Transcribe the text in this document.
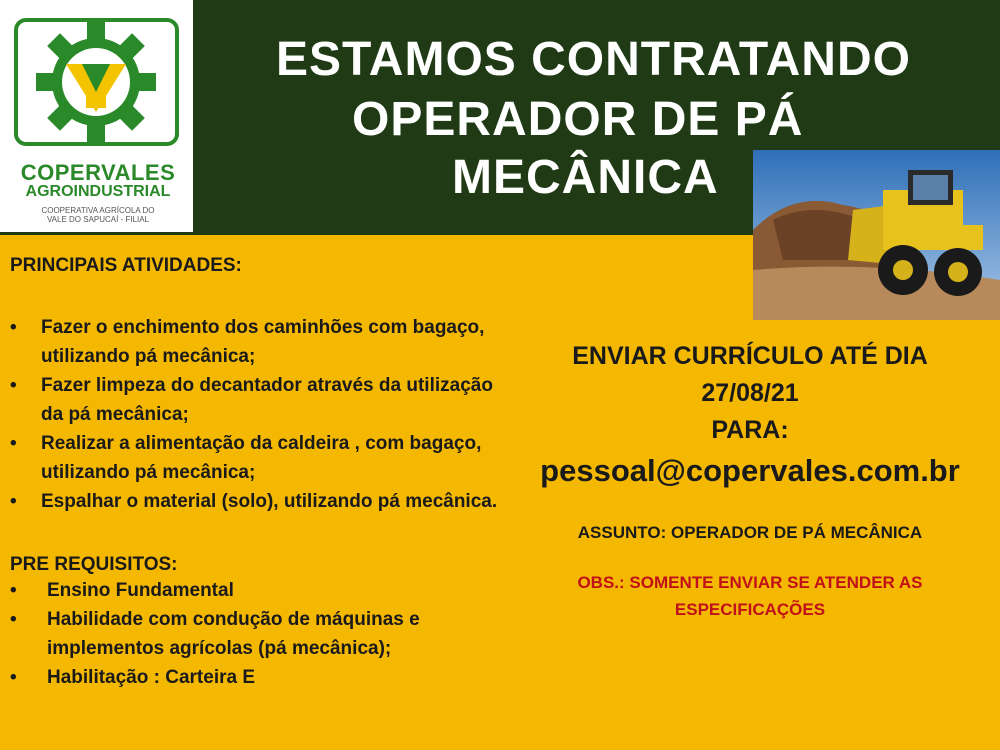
COPERVALES
AGROINDUSTRIAL
COOPERATIVA AGRÍCOLA DO
VALE DO SAPUCAÍ - FILIAL
ESTAMOS CONTRATANDO
OPERADOR DE PÁ
MECÂNICA

PRINCIPAIS ATIVIDADES:

• Fazer o enchimento dos caminhões com bagaço, utilizando pá mecânica;
• Fazer limpeza do decantador através da utilização da pá mecânica;
• Realizar a alimentação da caldeira , com bagaço, utilizando pá mecânica;
• Espalhar o material (solo), utilizando pá mecânica.

PRE REQUISITOS:

• Ensino Fundamental
• Habilidade com condução de máquinas e implementos agrícolas (pá mecânica);
• Habilitação : Carteira E
ENVIAR CURRÍCULO ATÉ DIA
27/08/21
PARA:
pessoal@copervales.com.br
ASSUNTO: OPERADOR DE PÁ MECÂNICA
OBS.: SOMENTE ENVIAR SE ATENDER AS
ESPECIFICAÇÕES
